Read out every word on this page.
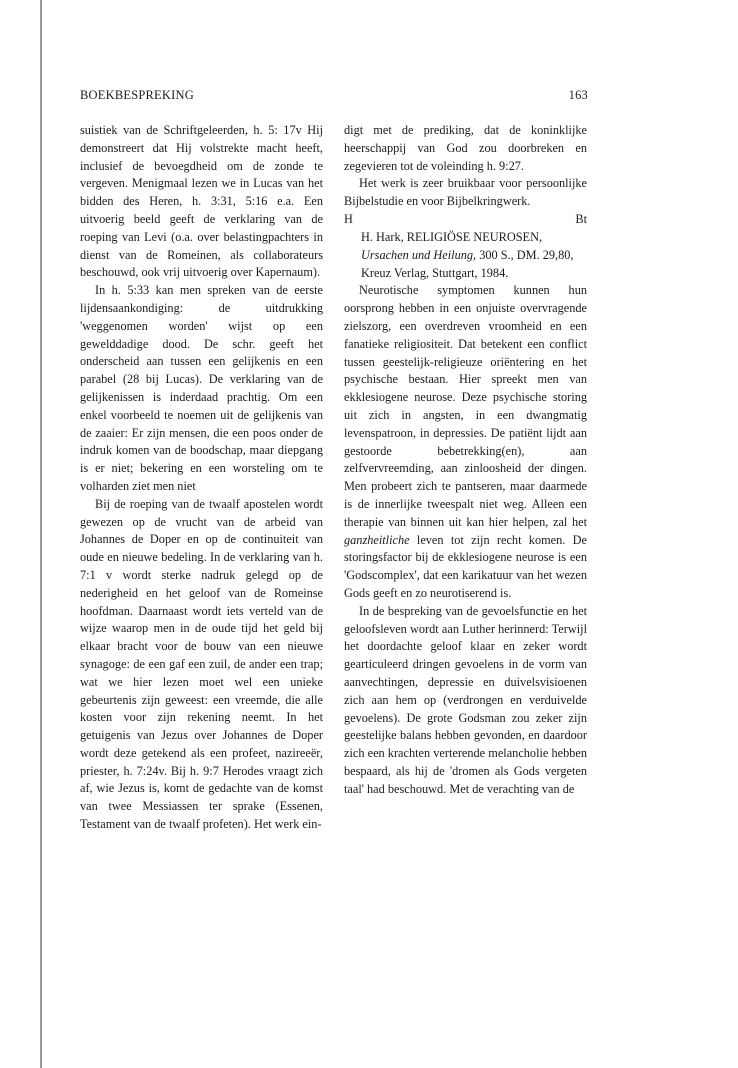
BOEKBESPREKING	163

suistiek van de Schriftgeleerden, h. 5: 17v Hij demonstreert dat Hij volstrekte macht heeft, inclusief de bevoegdheid om de zonde te vergeven. Menigmaal lezen we in Lucas van het bidden des Heren, h. 3:31, 5:16 e.a. Een uitvoerig beeld geeft de verklaring van de roeping van Levi (o.a. over belastingpachters in dienst van de Romeinen, als collaborateurs beschouwd, ook vrij uitvoerig over Kapernaum).

In h. 5:33 kan men spreken van de eerste lijdensaankondiging: de uitdrukking 'weggenomen worden' wijst op een gewelddadige dood. De schr. geeft het onderscheid aan tussen een gelijkenis en een parabel (28 bij Lucas). De verklaring van de gelijkenissen is inderdaad prachtig. Om een enkel voorbeeld te noemen uit de gelijkenis van de zaaier: Er zijn mensen, die een poos onder de indruk komen van de boodschap, maar diepgang is er niet; bekering en een worsteling om te volharden ziet men niet

Bij de roeping van de twaalf apostelen wordt gewezen op de vrucht van de arbeid van Johannes de Doper en op de continuiteit van oude en nieuwe bedeling. In de verklaring van h. 7:1 v wordt sterke nadruk gelegd op de nederigheid en het geloof van de Romeinse hoofdman. Daarnaast wordt iets verteld van de wijze waarop men in de oude tijd het geld bij elkaar bracht voor de bouw van een nieuwe synagoge: de een gaf een zuil, de ander een trap; wat we hier lezen moet wel een unieke gebeurtenis zijn geweest: een vreemde, die alle kosten voor zijn rekening neemt. In het getuigenis van Jezus over Johannes de Doper wordt deze getekend als een profeet, nazireeër, priester, h. 7:24v. Bij h. 9:7 Herodes vraagt zich af, wie Jezus is, komt de gedachte van de komst van twee Messiassen ter sprake (Essenen, Testament van de twaalf profeten). Het werk ein-

digt met de prediking, dat de koninklijke heerschappij van God zou doorbreken en zegevieren tot de voleinding h. 9:27.

Het werk is zeer bruikbaar voor persoonlijke Bijbelstudie en voor Bijbelkringwerk.

H	Bt

H. Hark, RELIGIÖSE NEUROSEN, Ursachen und Heilung, 300 S., DM. 29,80, Kreuz Verlag, Stuttgart, 1984.

Neurotische symptomen kunnen hun oorsprong hebben in een onjuiste overvragende zielszorg, een overdreven vroomheid en een fanatieke religiositeit. Dat betekent een conflict tussen geestelijk-religieuze oriëntering en het psychische bestaan. Hier spreekt men van ekklesiogene neurose. Deze psychische storing uit zich in angsten, in een dwangmatig levenspatroon, in depressies. De patiënt lijdt aan gestoorde bebetrekking(en), aan zelfvervreemding, aan zinloosheid der dingen. Men probeert zich te pantseren, maar daarmede is de innerlijke tweespalt niet weg. Alleen een therapie van binnen uit kan hier helpen, zal het ganzheitliche leven tot zijn recht komen. De storingsfactor bij de ekklesiogene neurose is een 'Godscomplex', dat een karikatuur van het wezen Gods geeft en zo neurotiserend is.

In de bespreking van de gevoelsfunctie en het geloofsleven wordt aan Luther herinnerd: Terwijl het doordachte geloof klaar en zeker wordt gearticuleerd dringen gevoelens in de vorm van aanvechtingen, depressie en duivelsvisioenen zich aan hem op (verdrongen en verduivelde gevoelens). De grote Godsman zou zeker zijn geestelijke balans hebben gevonden, en daardoor zich een krachten verterende melancholie hebben bespaard, als hij de 'dromen als Gods vergeten taal' had beschouwd. Met de verachting van de
